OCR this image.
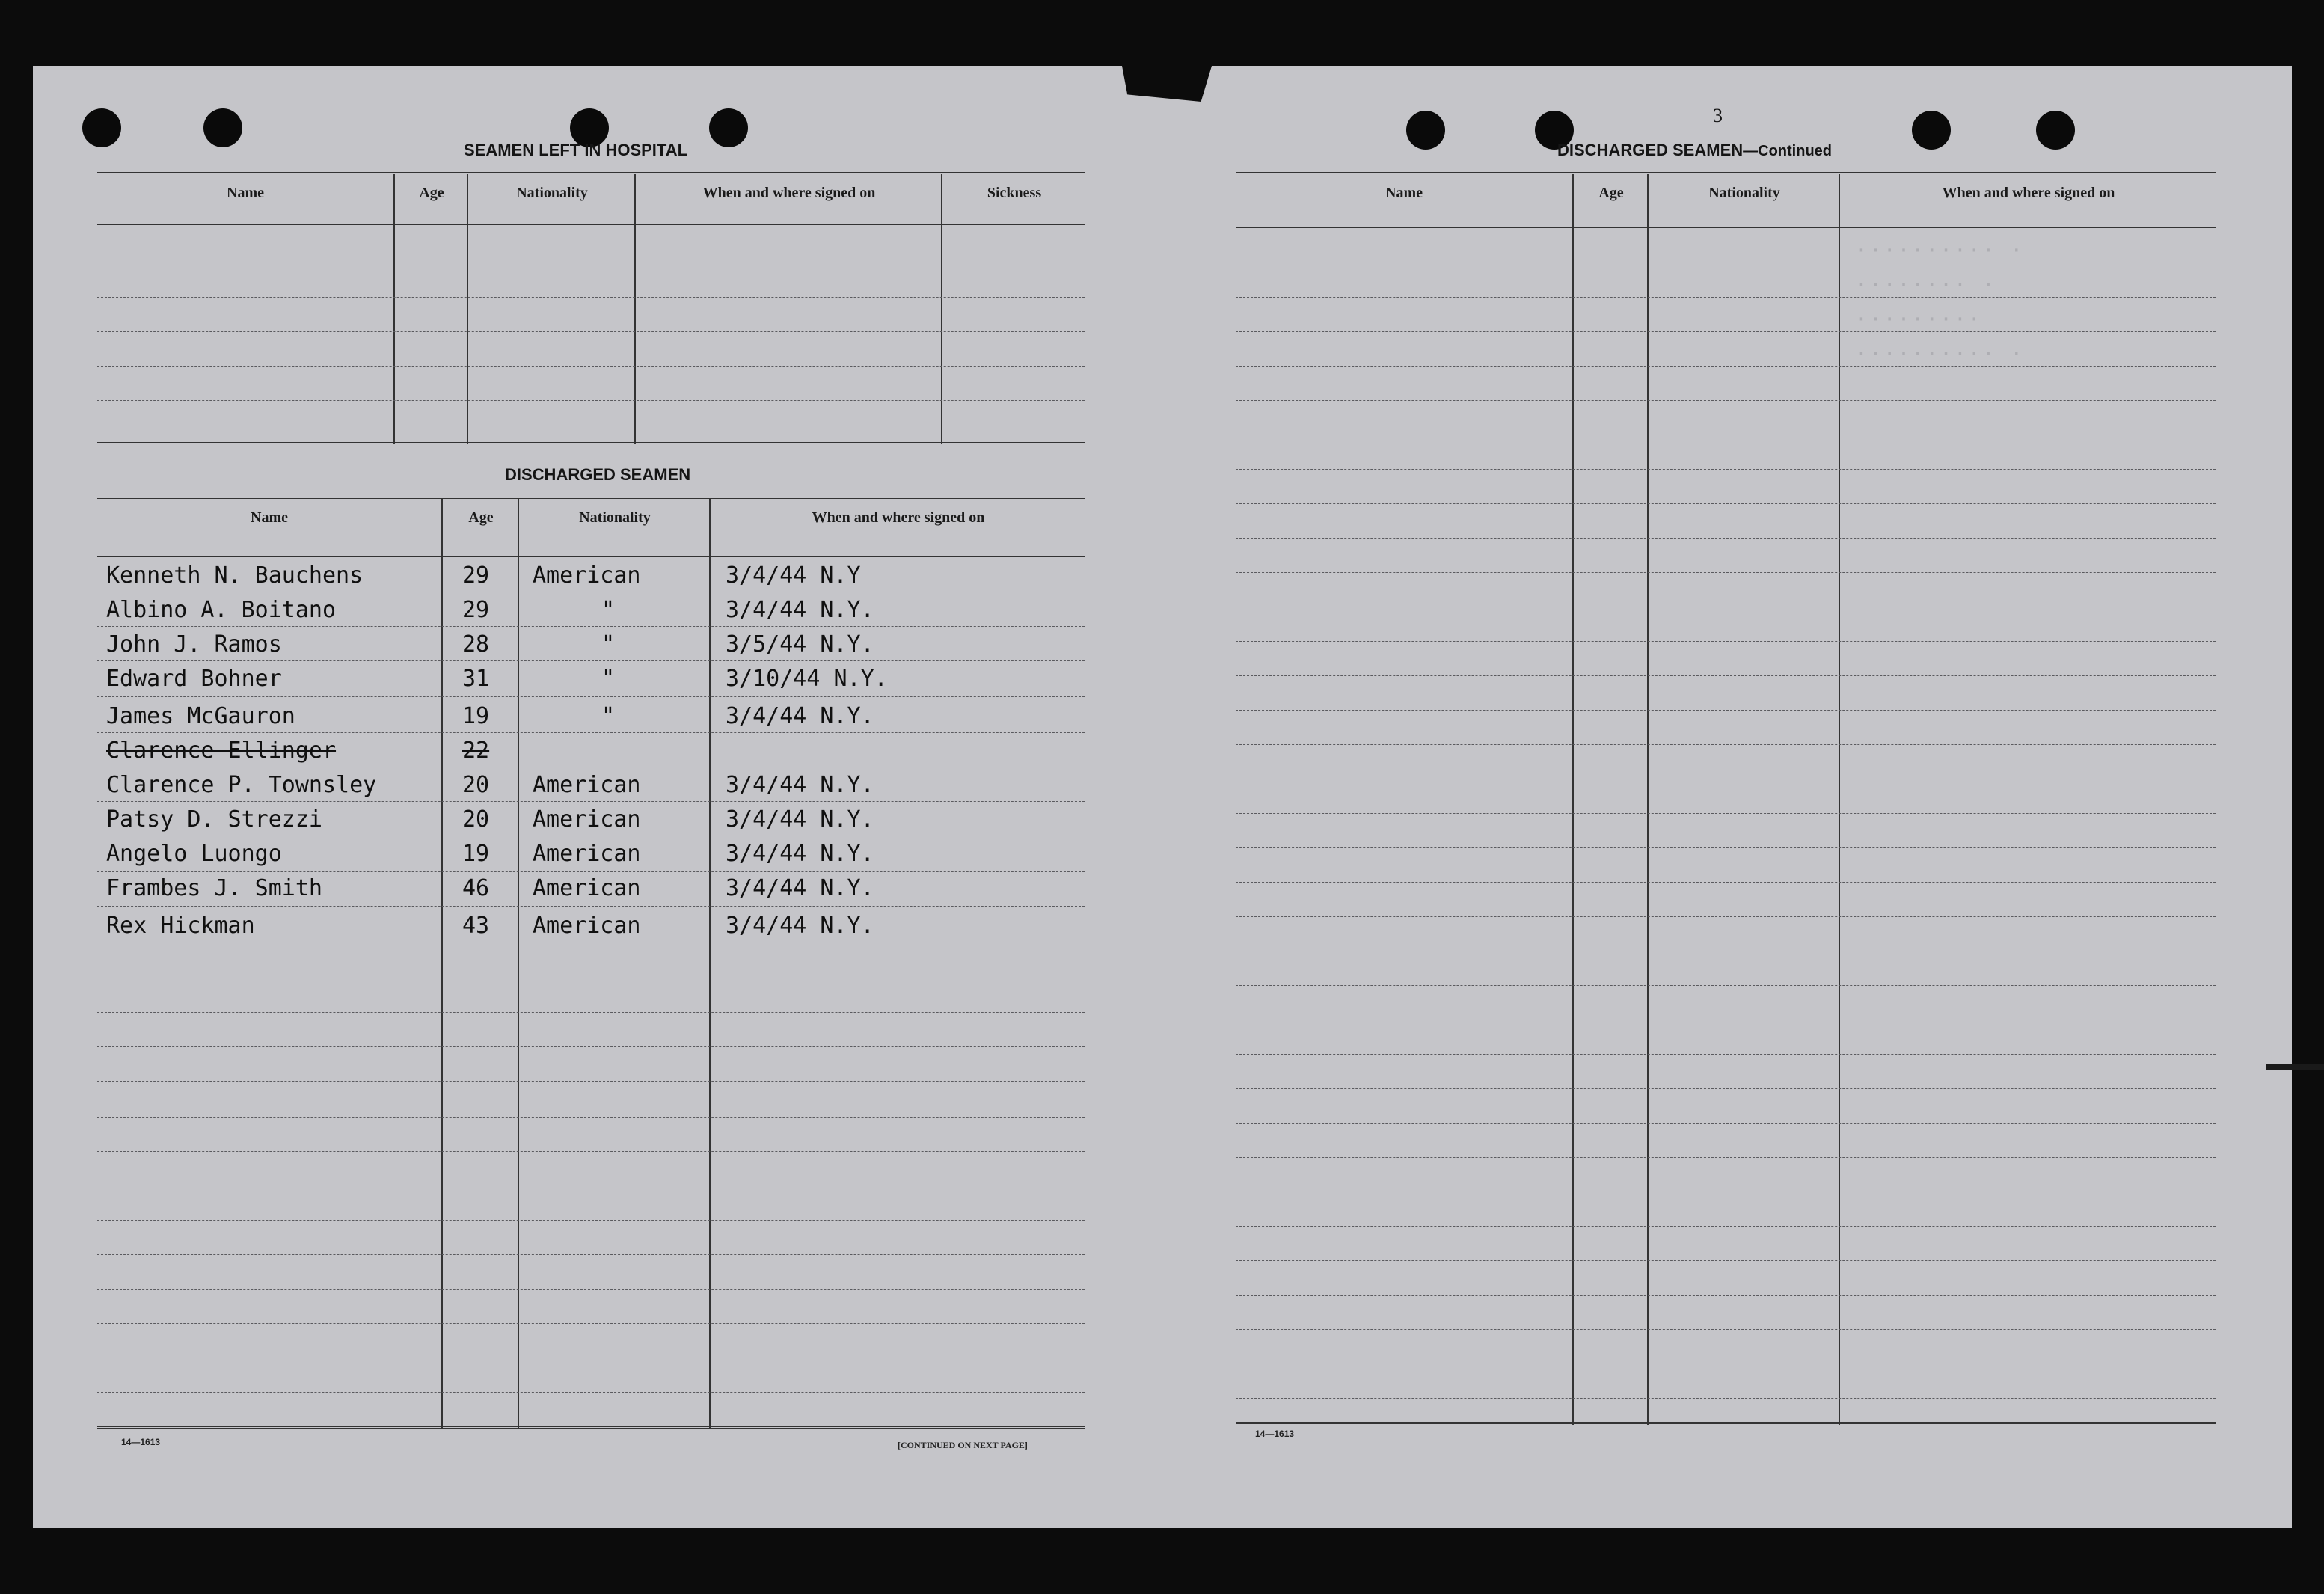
SEAMEN LEFT IN HOSPITAL
Name	Age	Nationality	When and where signed on	Sickness
DISCHARGED SEAMEN
Name	Age	Nationality	When and where signed on
Kenneth N. Bauchens	29 American	3/4/44 N.Y
Albino A. Boitano	29	"	3/4/44 N.Y.
John J. Ramos	28	"	3/5/44 N.Y.
Edward Bohner	31	"	3/10/44 N.Y.
James McGauron	19	"	3/4/44 N.Y.
Clarence Ellinger	22
Clarence P. Townsley	20 American	3/4/44 N.Y.
Patsy D. Strezzi	20 American	3/4/44 N.Y.
Angelo Luongo	19 American	3/4/44 N.Y.
Frambes J. Smith	46 American	3/4/44 N.Y.
Rex Hickman	43 American	3/4/44 N.Y.
14—1613	[CONTINUED ON NEXT PAGE]
·········· ·
········ ·
·········
·········· ·
3
DISCHARGED SEAMEN—Continued
Name	Age	Nationality	When and where signed on
14—1613
